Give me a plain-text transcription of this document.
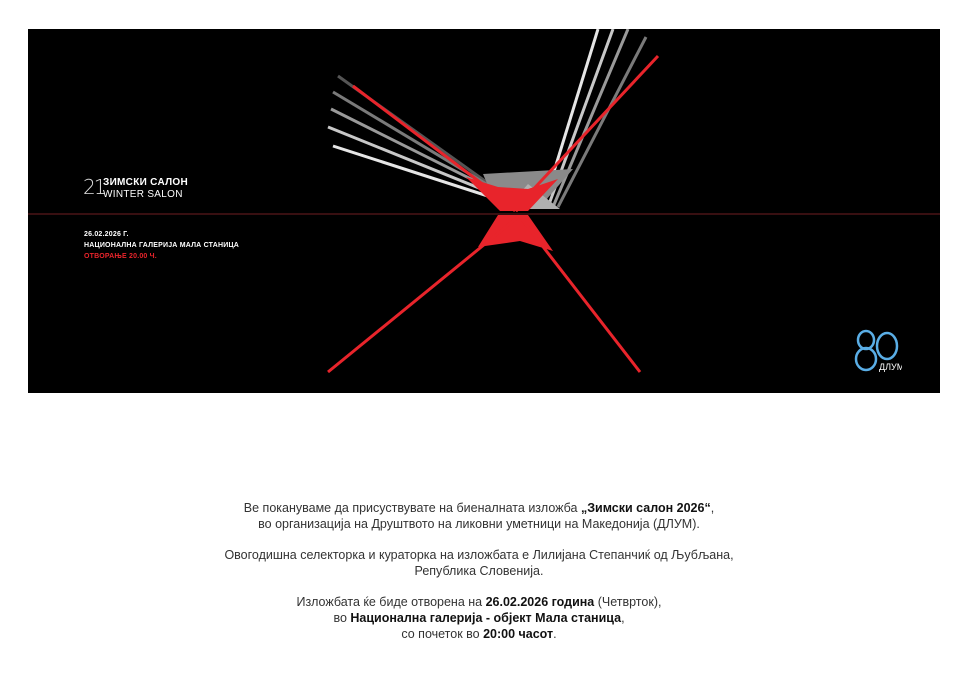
21
ЗИМСКИ САЛОН
WINTER SALON
26.02.2026 Г.
НАЦИОНАЛНА ГАЛЕРИЈА МАЛА СТАНИЦА
ОТВОРАЊЕ 20.00 Ч.
ДЛУМ

Ве покануваме да присуствувате на биеналната изложба „Зимски салон 2026“,
во организација на Друштвото на ликовни уметници на Македонија (ДЛУМ).

Овогодишна селекторка и кураторка на изложбата е Лилијана Степанчиќ од Љубљана,
Република Словенија.

Изложбата ќе биде отворена на 26.02.2026 година (Четврток),
во Национална галерија - објект Мала станица,
со почеток во 20:00 часот.
